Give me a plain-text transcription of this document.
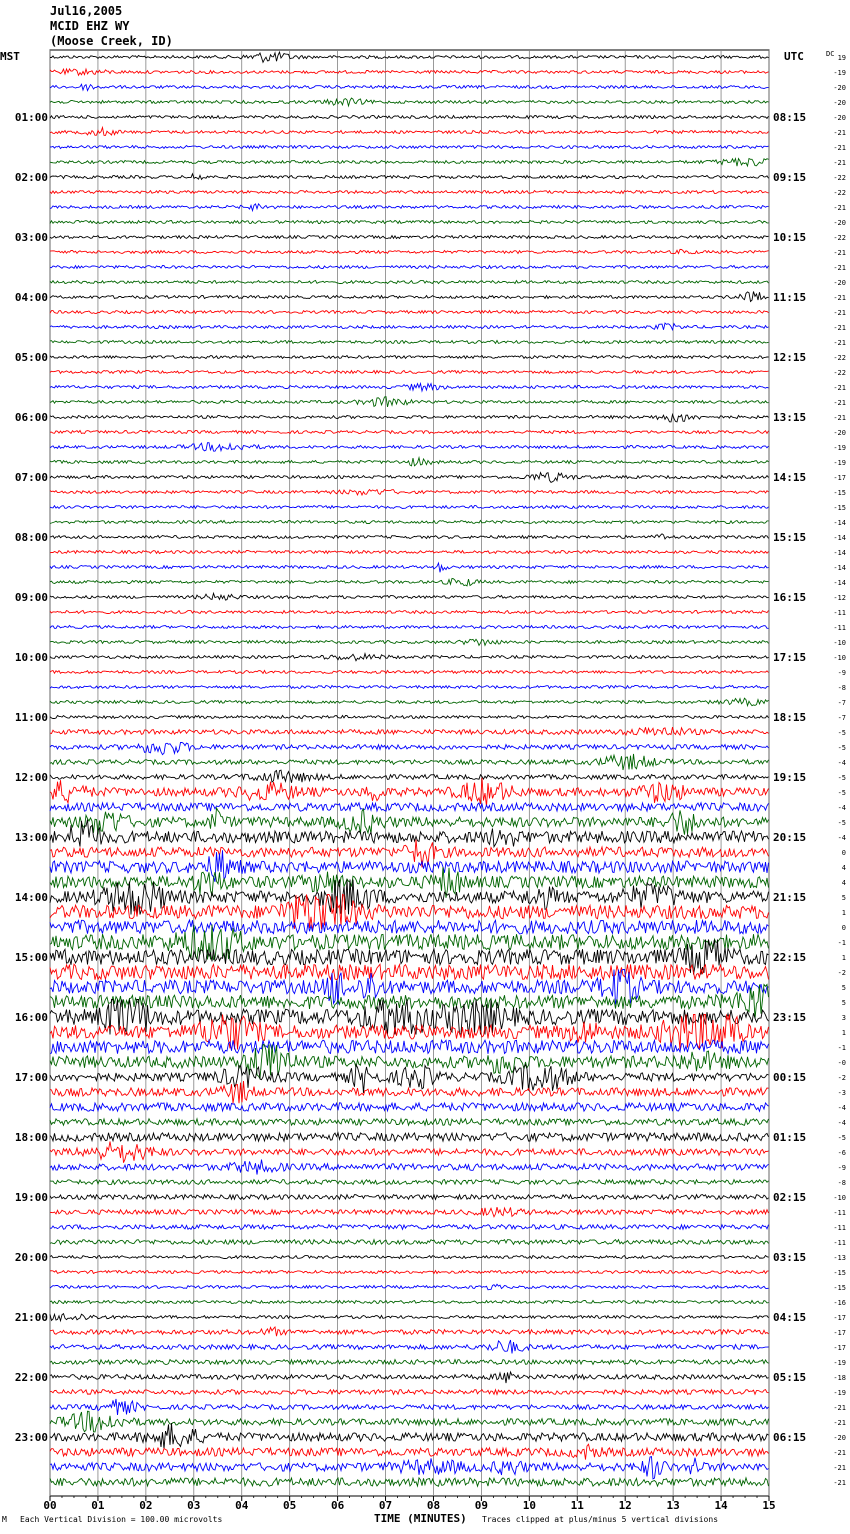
Jul16,2005
MCID EHZ WY
(Moose Creek, ID)
00	01	02	03	04	05	06	07	08	09	10	11	12	13	14	15
MST	UTC	DC
01:00
02:00
03:00
04:00
05:00
06:00
07:00
08:00
09:00
10:00
11:00
12:00
13:00
14:00
15:00
16:00
17:00
18:00
19:00
20:00
21:00
22:00
23:00
08:15
09:15
10:15
11:15
12:15
13:15
14:15
15:15
16:15
17:15
18:15
19:15
20:15
21:15
22:15
23:15
00:15
01:15
02:15
03:15
04:15
05:15
06:15
19
-19
-20
-20
-20
-21
-21
-21
-22
-22
-21
-20
-22
-21
-21
-20
-21
-21
-21
-21
-22
-22
-21
-21
-21
-20
-19
-19
-17
-15
-15
-14
-14
-14
-14
-14
-12
-11
-11
-10
-10
-9
-8
-7
-7
-5
-5
-4
-5
-5
-4
-5
-4
0
4
4
5
1
0
-1
1
-2
5
5
3
1
-1
-0
-2
-3
-4
-4
-5
-6
-9
-8
-10
-11
-11
-11
-13
-15
-15
-16
-17
-17
-17
-19
-18
-19
-21
-21
-20
-21
-21
-21
M Each Vertical Division = 100.00 microvolts	TIME (MINUTES) Traces clipped at plus/minus 5 vertical divisions
